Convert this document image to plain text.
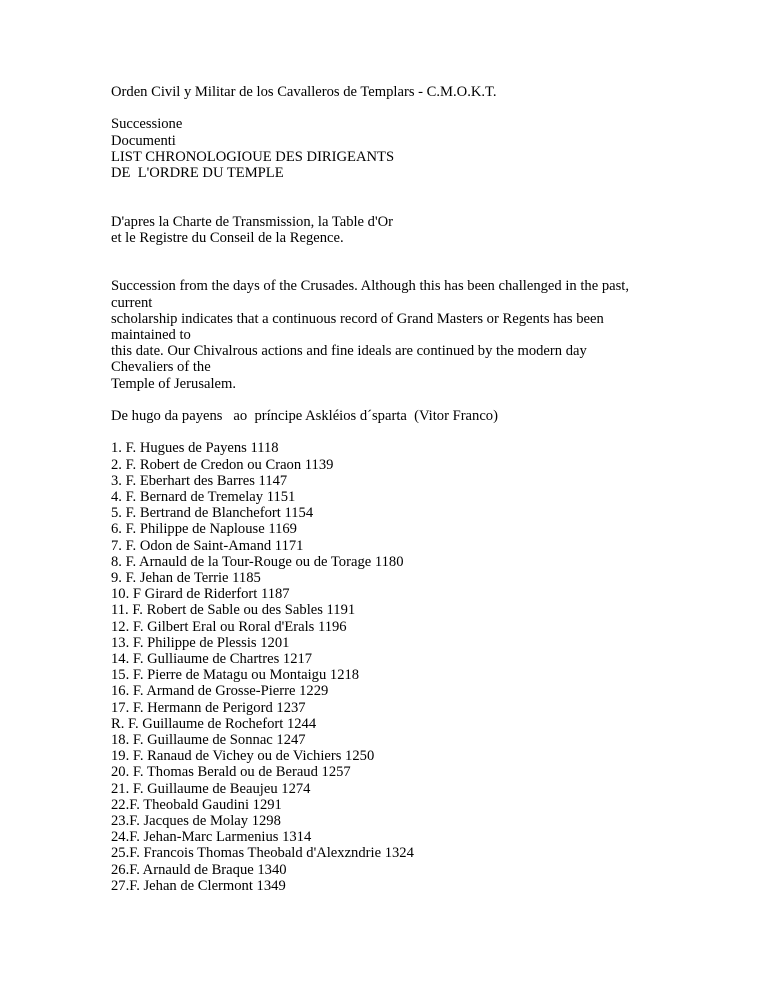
Orden Civil y Militar de los Cavalleros de Templars - C.M.O.K.T.
Successione
Documenti
LIST CHRONOLOGIOUE DES DIRIGEANTS
DE  L'ORDRE DU TEMPLE
D'apres la Charte de Transmission, la Table d'Or
et le Registre du Conseil de la Regence.
Succession from the days of the Crusades. Although this has been challenged in the past, current
scholarship indicates that a continuous record of Grand Masters or Regents has been maintained to
this date. Our Chivalrous actions and fine ideals are continued by the modern day Chevaliers of the
Temple of Jerusalem.
De hugo da payens   ao  príncipe Askléios d´sparta  (Vitor Franco)
1. F. Hugues de Payens 1118
2. F. Robert de Credon ou Craon 1139
3. F. Eberhart des Barres 1147
4. F. Bernard de Tremelay 1151
5. F. Bertrand de Blanchefort 1154
6. F. Philippe de Naplouse 1169
7. F. Odon de Saint-Amand 1171
8. F. Arnauld de la Tour-Rouge ou de Torage 1180
9. F. Jehan de Terrie 1185
10. F Girard de Riderfort 1187
11. F. Robert de Sable ou des Sables 1191
12. F. Gilbert Eral ou Roral d'Erals 1196
13. F. Philippe de Plessis 1201
14. F. Gulliaume de Chartres 1217
15. F. Pierre de Matagu ou Montaigu 1218
16. F. Armand de Grosse-Pierre 1229
17. F. Hermann de Perigord 1237
R. F. Guillaume de Rochefort 1244
18. F. Guillaume de Sonnac 1247
19. F. Ranaud de Vichey ou de Vichiers 1250
20. F. Thomas Berald ou de Beraud 1257
21. F. Guillaume de Beaujeu 1274
22.F. Theobald Gaudini 1291
23.F. Jacques de Molay 1298
24.F. Jehan-Marc Larmenius 1314
25.F. Francois Thomas Theobald d'Alexzndrie 1324
26.F. Arnauld de Braque 1340
27.F. Jehan de Clermont 1349
